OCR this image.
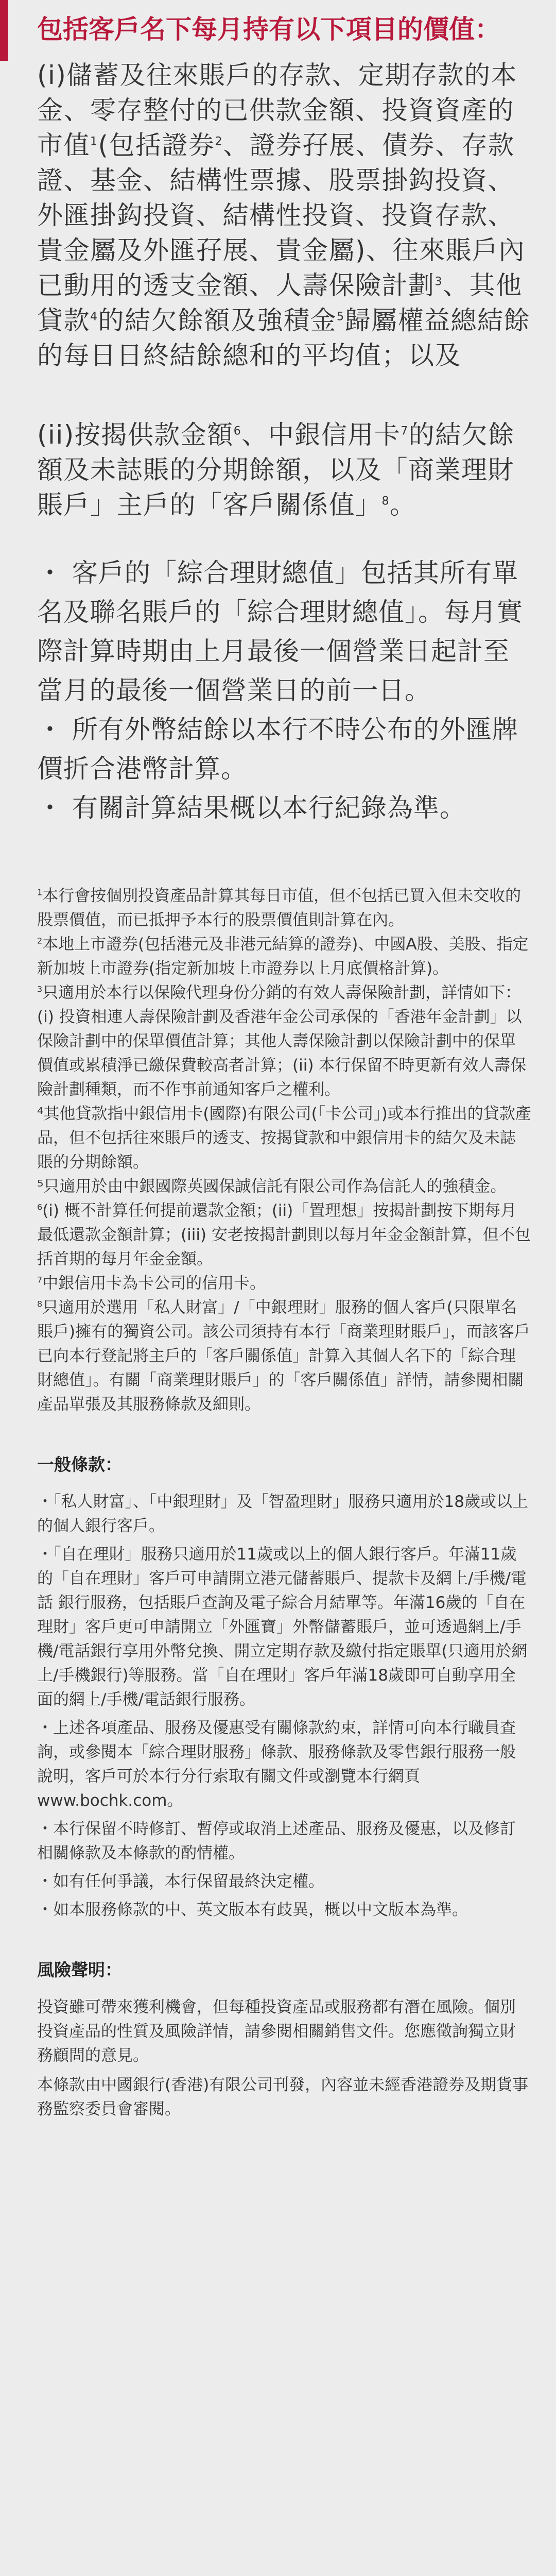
包括客戶名下每月持有以下項目的價值：

(i)儲蓄及往來賬戶的存款、定期存款的本金、零存整付的已供款金額、投資資產的市值$^1$(包括證券$^2$、證券孖展、債券、存款證、基金、結構性票據、股票掛鈎投資、外匯掛鈎投資、結構性投資、投資存款、貴金屬及外匯孖展、貴金屬)、往來賬戶內已動用的透支金額、人壽保險計劃$^3$、其他貸款$^4$的結欠餘額及強積金$^5$歸屬權益總結餘的每日日終結餘總和的平均值；以及

(ii)按揭供款金額$^6$、中銀信用卡$^7$的結欠餘額及未誌賬的分期餘額，以及「商業理財賬戶」主戶的「客戶關係值」$^8$。

・ 客戶的「綜合理財總值」包括其所有單名及聯名賬戶的「綜合理財總值」。每月實際計算時期由上月最後一個營業日起計至當月的最後一個營業日的前一日。
・ 所有外幣結餘以本行不時公布的外匯牌價折合港幣計算。
・ 有關計算結果概以本行紀錄為準。
$^1$本行會按個別投資產品計算其每日市值，但不包括已買入但未交收的股票價值，而已抵押予本行的股票價值則計算在內。
$^2$本地上市證券(包括港元及非港元結算的證券)、中國A股、美股、指定新加坡上市證券(指定新加坡上市證券以上月底價格計算)。
$^3$只適用於本行以保險代理身份分銷的有效人壽保險計劃，詳情如下：(i) 投資相連人壽保險計劃及香港年金公司承保的「香港年金計劃」以保險計劃中的保單價值計算；其他人壽保險計劃以保險計劃中的保單價值或累積淨已繳保費較高者計算；(ii) 本行保留不時更新有效人壽保險計劃種類，而不作事前通知客戶之權利。
⁴其他貸款指中銀信用卡(國際)有限公司(「卡公司」)或本行推出的貸款產品，但不包括往來賬戶的透支、按揭貸款和中銀信用卡的結欠及未誌賬的分期餘額。
⁵只適用於由中銀國際英國保誠信託有限公司作為信託人的強積金。
$^6$(i) 概不計算任何提前還款金額；(ii)「置理想」按揭計劃按下期每月最低還款金額計算；(iii) 安老按揭計劃則以每月年金金額計算，但不包括首期的每月年金金額。
$^7$中銀信用卡為卡公司的信用卡。
$^8$只適用於選用「私人財富」/「中銀理財」服務的個人客戶(只限單名賬戶)擁有的獨資公司。該公司須持有本行「商業理財賬戶」，而該客戶已向本行登記將主戶的「客戶關係值」計算入其個人名下的「綜合理財總值」。有關「商業理財賬戶」的「客戶關係值」詳情，請參閱相關產品單張及其服務條款及細則。
一般條款：
・「私人財富」、「中銀理財」及「智盈理財」服務只適用於18歲或以上的個人銀行客戶。
・「自在理財」服務只適用於11歲或以上的個人銀行客戶。年滿11歲的「自在理財」客戶可申請開立港元儲蓄賬戶、提款卡及網上/手機/電話 銀行服務，包括賬戶查詢及電子綜合月結單等。年滿16歲的「自在理財」客戶更可申請開立「外匯寶」外幣儲蓄賬戶，並可透過網上/手機/電話銀行享用外幣兌換、開立定期存款及繳付指定賬單(只適用於網上/手機銀行)等服務。當「自在理財」客戶年滿18歲即可自動享用全面的網上/手機/電話銀行服務。
・上述各項產品、服務及優惠受有關條款約束，詳情可向本行職員查詢，或參閱本「綜合理財服務」條款、服務條款及零售銀行服務一般說明，客戶可於本行分行索取有關文件或瀏覽本行網頁www.bochk.com。
・本行保留不時修訂、暫停或取消上述產品、服務及優惠，以及修訂相關條款及本條款的酌情權。
・如有任何爭議，本行保留最終決定權。
・如本服務條款的中、英文版本有歧異，概以中文版本為準。
風險聲明：

投資雖可帶來獲利機會，但每種投資產品或服務都有潛在風險。個別投資產品的性質及風險詳情，請參閱相關銷售文件。您應徵詢獨立財務顧問的意見。

本條款由中國銀行(香港)有限公司刊發，內容並未經香港證券及期貨事務監察委員會審閱。
